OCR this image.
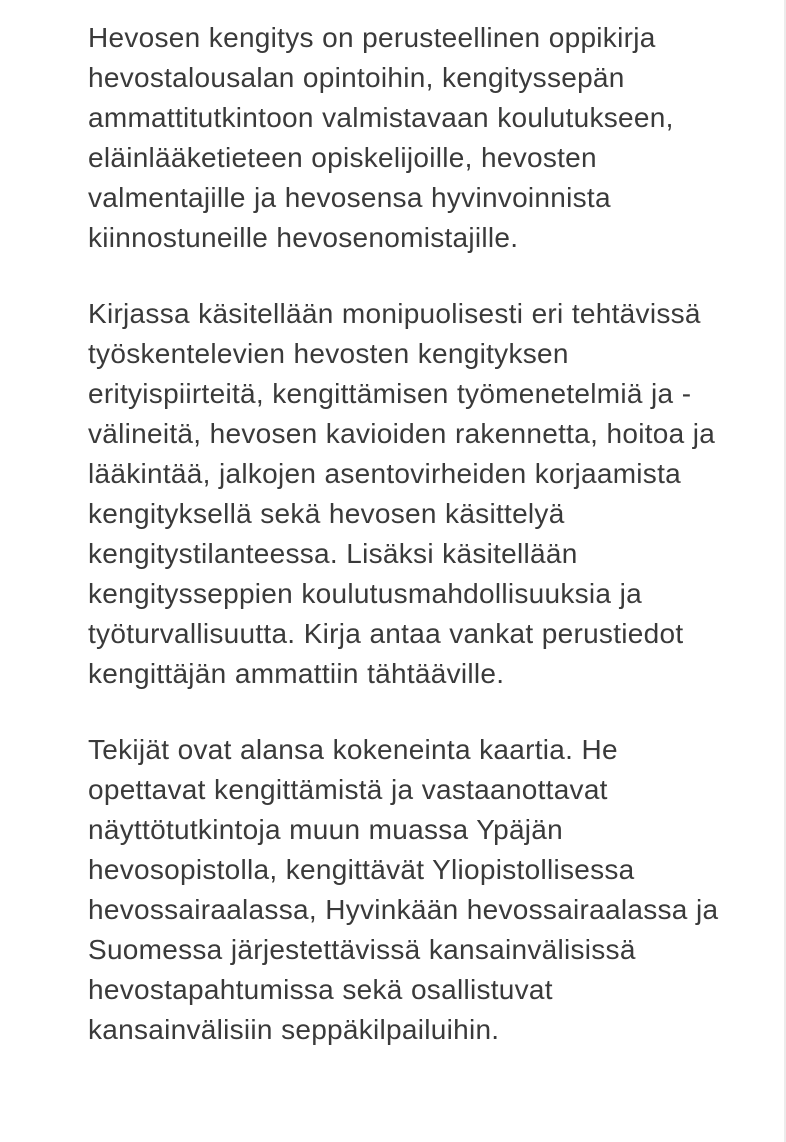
Hevosen kengitys on perusteellinen oppikirja hevostalousalan opintoihin, kengityssepän ammattitutkintoon valmistavaan koulutukseen, eläinlääketieteen opiskelijoille, hevosten valmentajille ja hevosensa hyvinvoinnista kiinnostuneille hevosenomistajille.

Kirjassa käsitellään monipuolisesti eri tehtävissä työskentelevien hevosten kengityksen erityispiirteitä, kengittämisen työmenetelmiä ja -välineitä, hevosen kavioiden rakennetta, hoitoa ja lääkintää, jalkojen asentovirheiden korjaamista kengityksellä sekä hevosen käsittelyä kengitystilanteessa. Lisäksi käsitellään kengitysseppien koulutusmahdollisuuksia ja työturvallisuutta. Kirja antaa vankat perustiedot kengittäjän ammattiin tähtääville.

Tekijät ovat alansa kokeneinta kaartia. He opettavat kengittämistä ja vastaanottavat näyttötutkintoja muun muassa Ypäjän hevosopistolla, kengittävät Yliopistollisessa hevossairaalassa, Hyvinkään hevossairaalassa ja Suomessa järjestettävissä kansainvälisissä hevostapahtumissa sekä osallistuvat kansainvälisiin seppäkilpailuihin.
